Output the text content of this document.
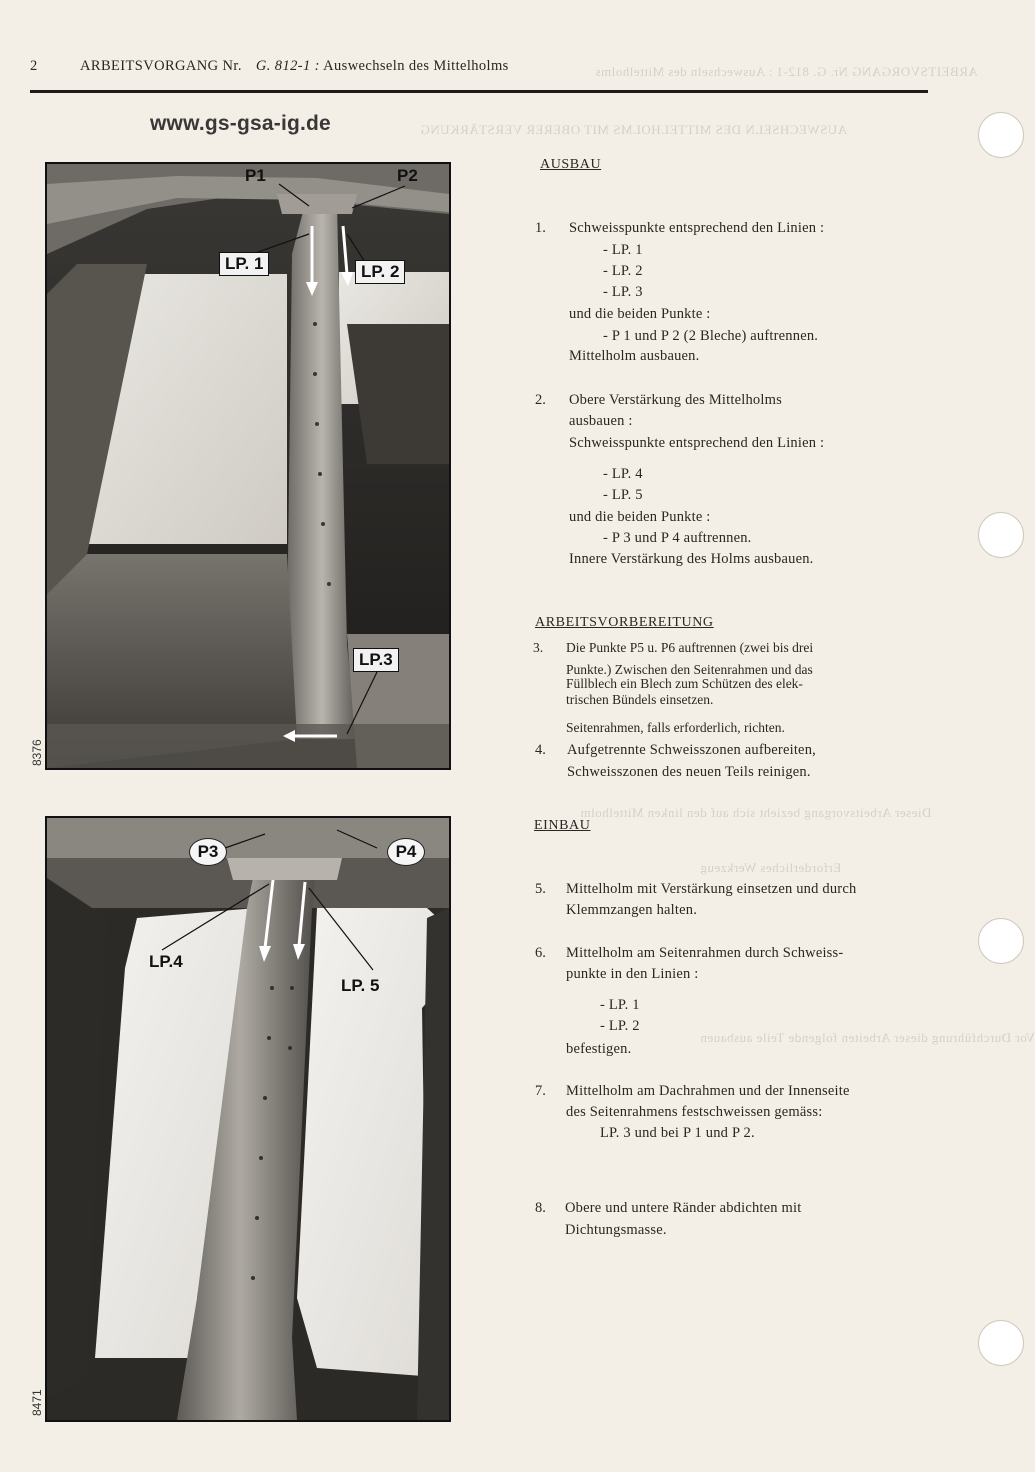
ARBEITSVORGANG Nr. G. 812-1 : Auswechseln des Mittelholms
AUSWECHSELN DES MITTELHOLMS MIT OBERER VERSTÄRKUNG
Dieser Arbeitsvorgang bezieht sich auf den linken Mittelholm
Erforderliches Werkzeug
Vor Durchführung dieser Arbeiten folgende Teile ausbauen
2	ARBEITSVORGANG Nr. G. 812-1 : Auswechseln des Mittelholms
www.gs-gsa-ig.de
P1	P2
LP. 1	LP. 2
LP.3
8376
P3	P4
LP.4
LP. 5
8471
AUSBAU
1. Schweisspunkte entsprechend den Linien :
- LP. 1
- LP. 2
- LP. 3
und die beiden Punkte :
- P 1 und P 2 (2 Bleche) auftrennen.
Mittelholm ausbauen.
2. Obere Verstärkung des Mittelholms
ausbauen :
Schweisspunkte entsprechend den Linien :
- LP. 4
- LP. 5
und die beiden Punkte :
- P 3 und P 4 auftrennen.
Innere Verstärkung des Holms ausbauen.
ARBEITSVORBEREITUNG
3. Die Punkte P5 u. P6 auftrennen (zwei bis drei
Punkte.) Zwischen den Seitenrahmen und das
Füllblech ein Blech zum Schützen des elek-
trischen Bündels einsetzen.
Seitenrahmen, falls erforderlich, richten.
4. Aufgetrennte Schweisszonen aufbereiten,
Schweisszonen des neuen Teils reinigen.
EINBAU
5. Mittelholm mit Verstärkung einsetzen und durch
Klemmzangen halten.
6. Mittelholm am Seitenrahmen durch Schweiss-
punkte in den Linien :
- LP. 1
- LP. 2
befestigen.
7. Mittelholm am Dachrahmen und der Innenseite
des Seitenrahmens festschweissen gemäss:
LP. 3 und bei P 1 und P 2.
8. Obere und untere Ränder abdichten mit
Dichtungsmasse.
